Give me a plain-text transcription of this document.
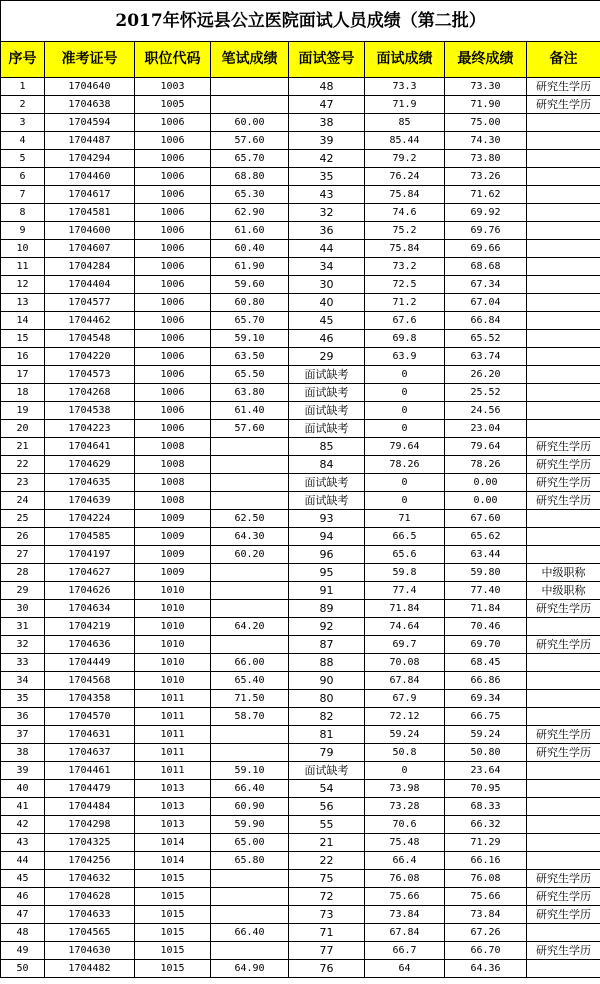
2017年怀远县公立医院面试人员成绩（第二批）							
序号	准考证号	职位代码	笔试成绩	面试签号	面试成绩	最终成绩	备注
1	1704640	1003		48	73.3	73.30	研究生学历
2	1704638	1005		47	71.9	71.90	研究生学历
3	1704594	1006	60.00	38	85	75.00	
4	1704487	1006	57.60	39	85.44	74.30	
5	1704294	1006	65.70	42	79.2	73.80	
6	1704460	1006	68.80	35	76.24	73.26	
7	1704617	1006	65.30	43	75.84	71.62	
8	1704581	1006	62.90	32	74.6	69.92	
9	1704600	1006	61.60	36	75.2	69.76	
10	1704607	1006	60.40	44	75.84	69.66	
11	1704284	1006	61.90	34	73.2	68.68	
12	1704404	1006	59.60	30	72.5	67.34	
13	1704577	1006	60.80	40	71.2	67.04	
14	1704462	1006	65.70	45	67.6	66.84	
15	1704548	1006	59.10	46	69.8	65.52	
16	1704220	1006	63.50	29	63.9	63.74	
17	1704573	1006	65.50	面试缺考	0	26.20	
18	1704268	1006	63.80	面试缺考	0	25.52	
19	1704538	1006	61.40	面试缺考	0	24.56	
20	1704223	1006	57.60	面试缺考	0	23.04	
21	1704641	1008		85	79.64	79.64	研究生学历
22	1704629	1008		84	78.26	78.26	研究生学历
23	1704635	1008		面试缺考	0	0.00	研究生学历
24	1704639	1008		面试缺考	0	0.00	研究生学历
25	1704224	1009	62.50	93	71	67.60	
26	1704585	1009	64.30	94	66.5	65.62	
27	1704197	1009	60.20	96	65.6	63.44	
28	1704627	1009		95	59.8	59.80	中级职称
29	1704626	1010		91	77.4	77.40	中级职称
30	1704634	1010		89	71.84	71.84	研究生学历
31	1704219	1010	64.20	92	74.64	70.46	
32	1704636	1010		87	69.7	69.70	研究生学历
33	1704449	1010	66.00	88	70.08	68.45	
34	1704568	1010	65.40	90	67.84	66.86	
35	1704358	1011	71.50	80	67.9	69.34	
36	1704570	1011	58.70	82	72.12	66.75	
37	1704631	1011		81	59.24	59.24	研究生学历
38	1704637	1011		79	50.8	50.80	研究生学历
39	1704461	1011	59.10	面试缺考	0	23.64	
40	1704479	1013	66.40	54	73.98	70.95	
41	1704484	1013	60.90	56	73.28	68.33	
42	1704298	1013	59.90	55	70.6	66.32	
43	1704325	1014	65.00	21	75.48	71.29	
44	1704256	1014	65.80	22	66.4	66.16	
45	1704632	1015		75	76.08	76.08	研究生学历
46	1704628	1015		72	75.66	75.66	研究生学历
47	1704633	1015		73	73.84	73.84	研究生学历
48	1704565	1015	66.40	71	67.84	67.26	
49	1704630	1015		77	66.7	66.70	研究生学历
50	1704482	1015	64.90	76	64	64.36	
